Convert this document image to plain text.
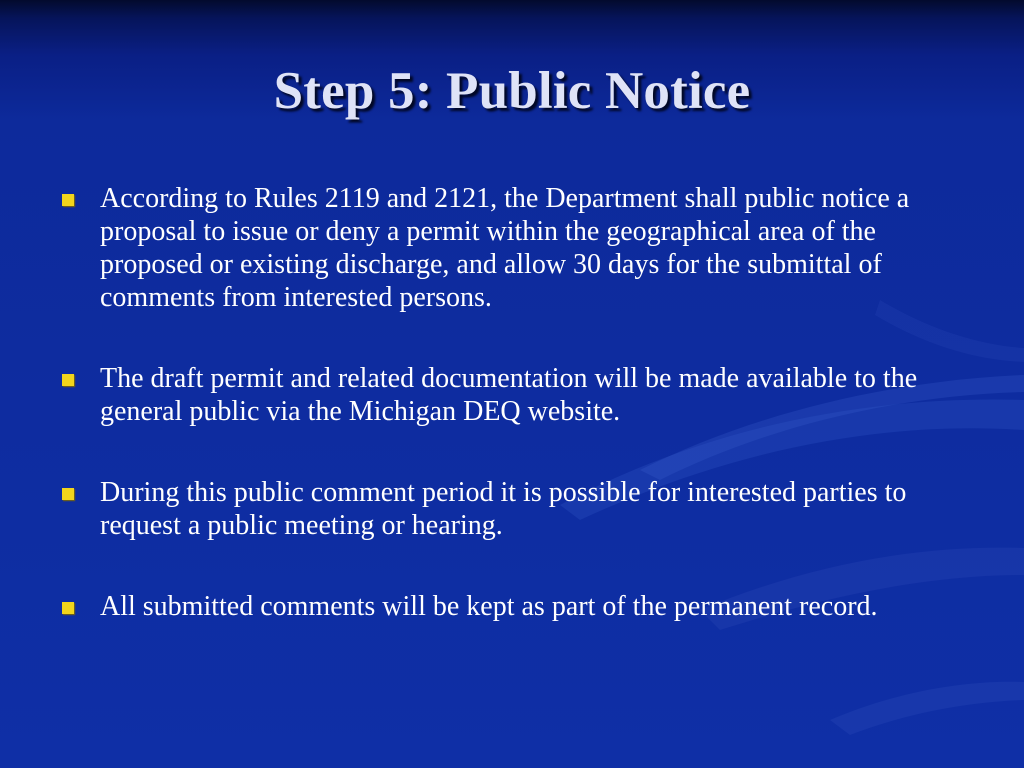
Step 5: Public Notice
According to Rules 2119 and 2121, the Department shall public notice a proposal to issue or deny a permit within the geographical area of the proposed or existing discharge, and allow 30 days for the submittal of comments from interested persons.
The draft permit and related documentation will be made available to the general public via the Michigan DEQ website.
During this public comment period it is possible for interested parties to request a public meeting or hearing.
All submitted comments will be kept as part of the permanent record.
